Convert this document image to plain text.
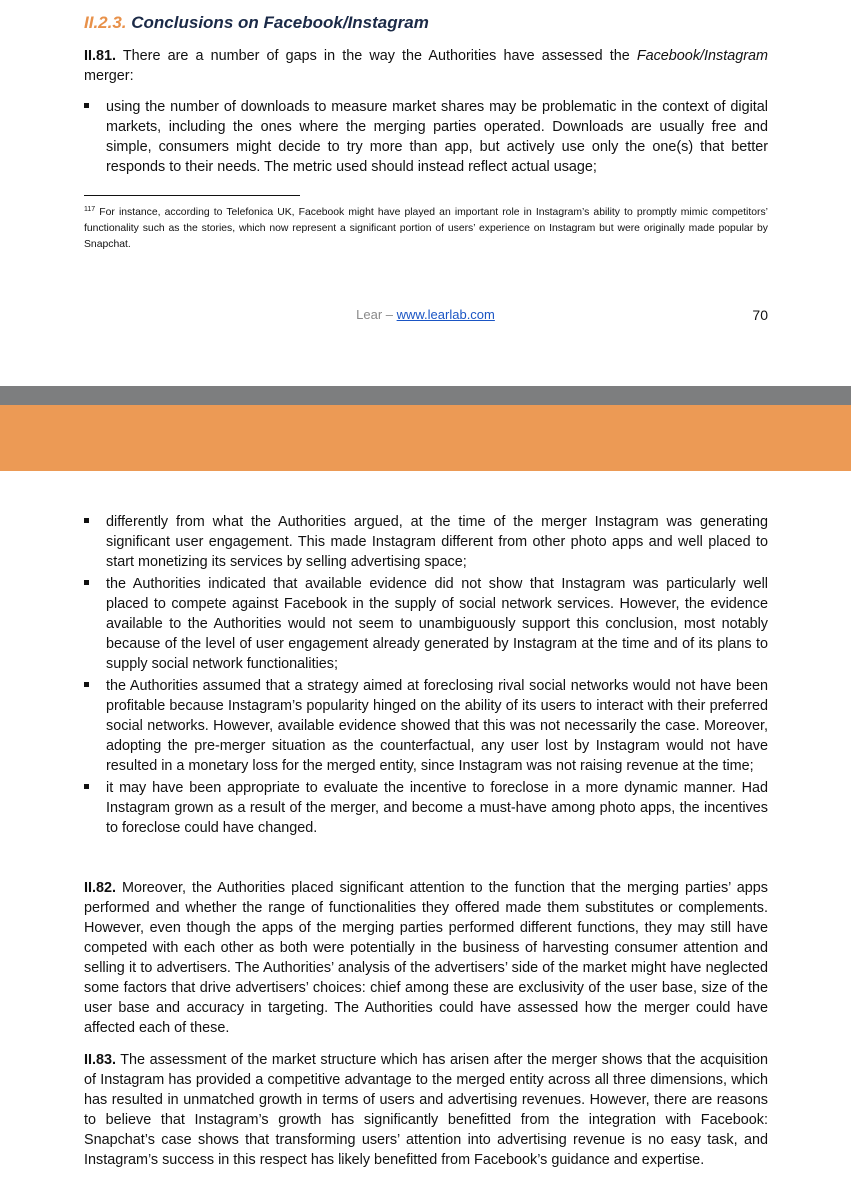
II.2.3. Conclusions on Facebook/Instagram

II.81. There are a number of gaps in the way the Authorities have assessed the Facebook/Instagram merger:

using the number of downloads to measure market shares may be problematic in the context of digital markets, including the ones where the merging parties operated. Downloads are usually free and simple, consumers might decide to try more than app, but actively use only the one(s) that better responds to their needs. The metric used should instead reflect actual usage;
$^{117}$ For instance, according to Telefonica UK, Facebook might have played an important role in Instagram’s ability to promptly mimic competitors’ functionality such as the stories, which now represent a significant portion of users’ experience on Instagram but were originally made popular by Snapchat.
Lear – www.learlab.com	70
differently from what the Authorities argued, at the time of the merger Instagram was generating significant user engagement. This made Instagram different from other photo apps and well placed to start monetizing its services by selling advertising space;
the Authorities indicated that available evidence did not show that Instagram was particularly well placed to compete against Facebook in the supply of social network services. However, the evidence available to the Authorities would not seem to unambiguously support this conclusion, most notably because of the level of user engagement already generated by Instagram at the time and of its plans to supply social network functionalities;
the Authorities assumed that a strategy aimed at foreclosing rival social networks would not have been profitable because Instagram’s popularity hinged on the ability of its users to interact with their preferred social networks. However, available evidence showed that this was not necessarily the case. Moreover, adopting the pre-merger situation as the counterfactual, any user lost by Instagram would not have resulted in a monetary loss for the merged entity, since Instagram was not raising revenue at the time;
it may have been appropriate to evaluate the incentive to foreclose in a more dynamic manner. Had Instagram grown as a result of the merger, and become a must-have among photo apps, the incentives to foreclose could have changed.

II.82. Moreover, the Authorities placed significant attention to the function that the merging parties’ apps performed and whether the range of functionalities they offered made them substitutes or complements. However, even though the apps of the merging parties performed different functions, they may still have competed with each other as both were potentially in the business of harvesting consumer attention and selling it to advertisers. The Authorities’ analysis of the advertisers’ side of the market might have neglected some factors that drive advertisers’ choices: chief among these are exclusivity of the user base, size of the user base and accuracy in targeting. The Authorities could have assessed how the merger could have affected each of these.

II.83. The assessment of the market structure which has arisen after the merger shows that the acquisition of Instagram has provided a competitive advantage to the merged entity across all three dimensions, which has resulted in unmatched growth in terms of users and advertising revenues. However, there are reasons to believe that Instagram’s growth has significantly benefitted from the integration with Facebook: Snapchat’s case shows that transforming users’ attention into advertising revenue is no easy task, and Instagram’s success in this respect has likely benefitted from Facebook’s guidance and expertise.
